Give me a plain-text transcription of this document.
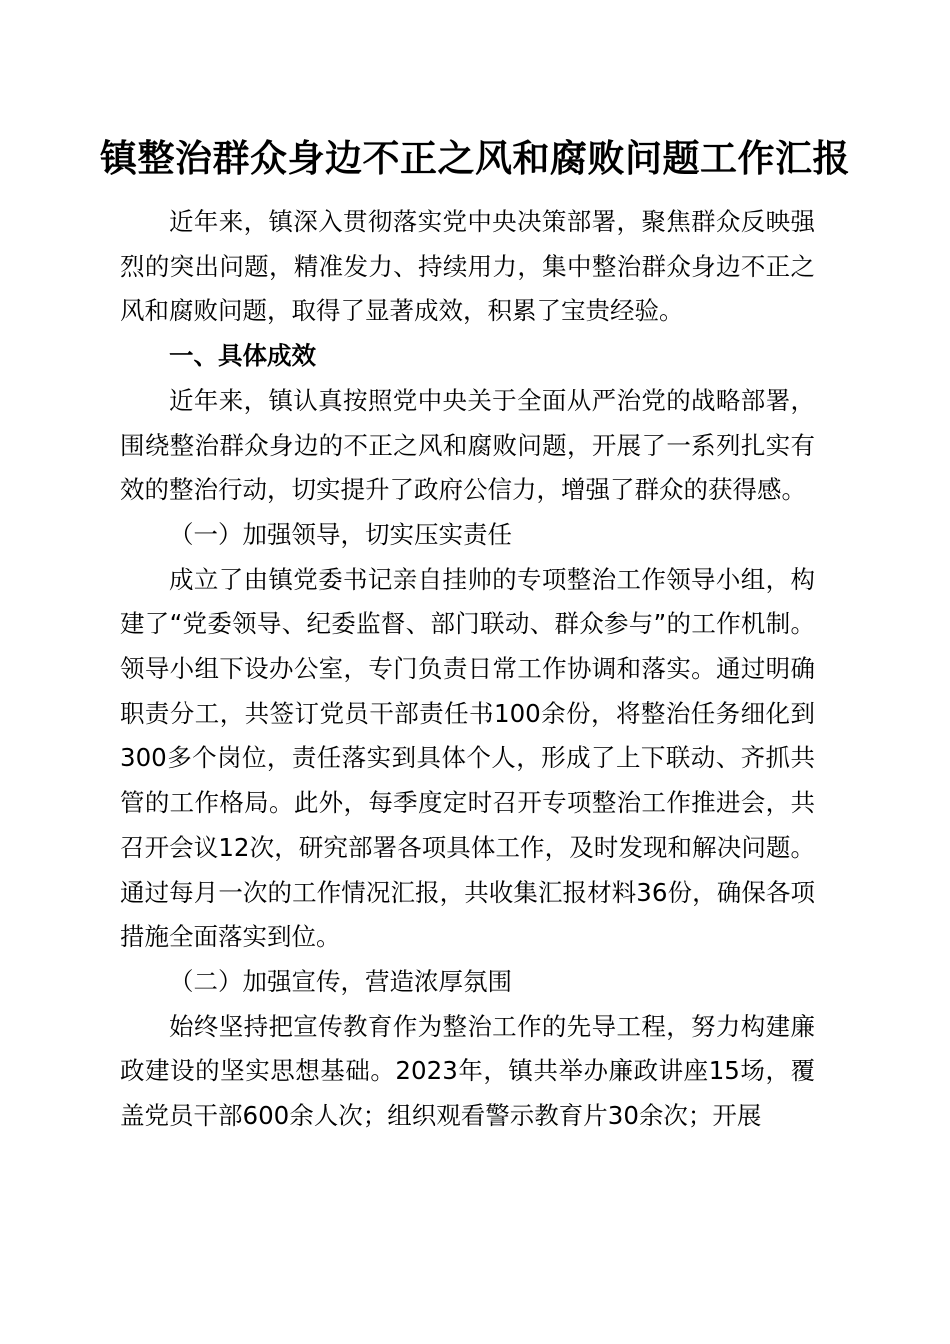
镇整治群众身边不正之风和腐败问题工作汇报

近年来，镇深入贯彻落实党中央决策部署，聚焦群众反映强烈的突出问题，精准发力、持续用力，集中整治群众身边不正之风和腐败问题，取得了显著成效，积累了宝贵经验。

一、具体成效

近年来，镇认真按照党中央关于全面从严治党的战略部署，围绕整治群众身边的不正之风和腐败问题，开展了一系列扎实有效的整治行动，切实提升了政府公信力，增强了群众的获得感。

（一）加强领导，切实压实责任

成立了由镇党委书记亲自挂帅的专项整治工作领导小组，构建了“党委领导、纪委监督、部门联动、群众参与”的工作机制。领导小组下设办公室，专门负责日常工作协调和落实。通过明确职责分工，共签订党员干部责任书100余份，将整治任务细化到300多个岗位，责任落实到具体个人，形成了上下联动、齐抓共管的工作格局。此外，每季度定时召开专项整治工作推进会，共召开会议12次，研究部署各项具体工作，及时发现和解决问题。通过每月一次的工作情况汇报，共收集汇报材料36份，确保各项措施全面落实到位。

（二）加强宣传，营造浓厚氛围

始终坚持把宣传教育作为整治工作的先导工程，努力构建廉政建设的坚实思想基础。2023年，镇共举办廉政讲座15场，覆盖党员干部600余人次；组织观看警示教育片30余次；开展
